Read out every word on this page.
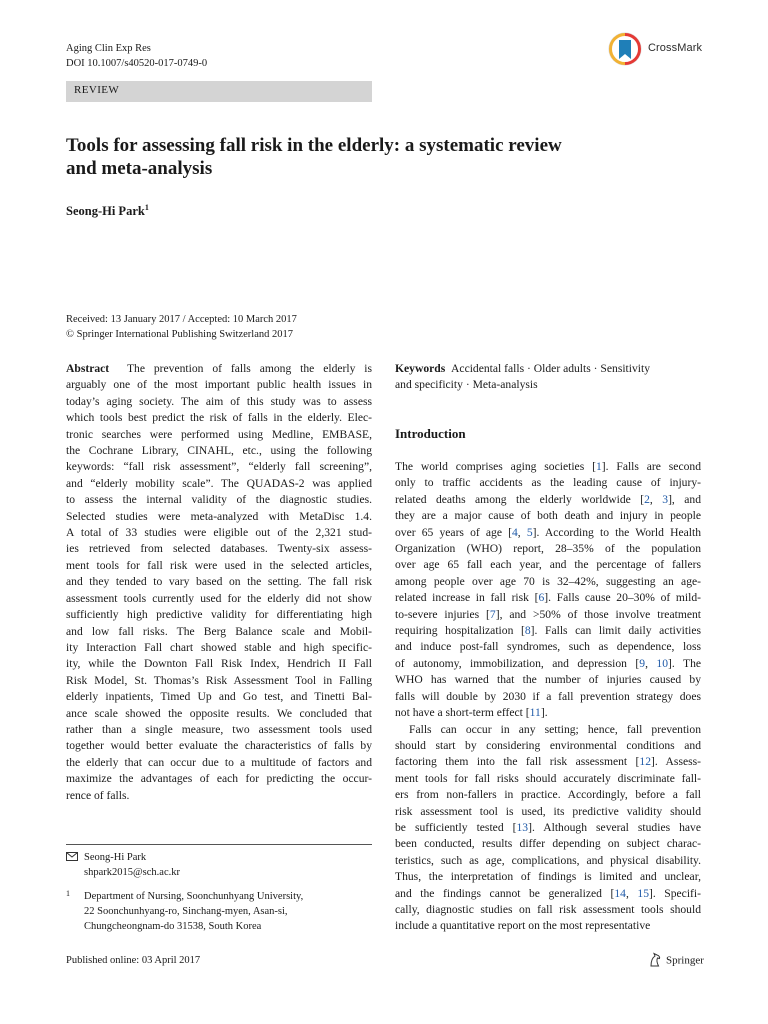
Aging Clin Exp Res
DOI 10.1007/s40520-017-0749-0
CrossMark
REVIEW
Tools for assessing fall risk in the elderly: a systematic review
and meta-analysis
Seong-Hi Park$^1$
Received: 13 January 2017 / Accepted: 10 March 2017
© Springer International Publishing Switzerland 2017
Abstract The prevention of falls among the elderly is
arguably one of the most important public health issues in
today’s aging society. The aim of this study was to assess
which tools best predict the risk of falls in the elderly. Elec-
tronic searches were performed using Medline, EMBASE,
the Cochrane Library, CINAHL, etc., using the following
keywords: “fall risk assessment”, “elderly fall screening”,
and “elderly mobility scale”. The QUADAS-2 was applied
to assess the internal validity of the diagnostic studies.
Selected studies were meta-analyzed with MetaDisc 1.4.
A total of 33 studies were eligible out of the 2,321 stud-
ies retrieved from selected databases. Twenty-six assess-
ment tools for fall risk were used in the selected articles,
and they tended to vary based on the setting. The fall risk
assessment tools currently used for the elderly did not show
sufficiently high predictive validity for differentiating high
and low fall risks. The Berg Balance scale and Mobil-
ity Interaction Fall chart showed stable and high specific-
ity, while the Downton Fall Risk Index, Hendrich II Fall
Risk Model, St. Thomas’s Risk Assessment Tool in Falling
elderly inpatients, Timed Up and Go test, and Tinetti Bal-
ance scale showed the opposite results. We concluded that
rather than a single measure, two assessment tools used
together would better evaluate the characteristics of falls by
the elderly that can occur due to a multitude of factors and
maximize the advantages of each for predicting the occur-
rence of falls.
Keywords Accidental falls · Older adults · Sensitivity
and specificity · Meta-analysis
Introduction
The world comprises aging societies [1]. Falls are second
only to traffic accidents as the leading cause of injury-
related deaths among the elderly worldwide [2, 3], and
they are a major cause of both death and injury in people
over 65 years of age [4, 5]. According to the World Health
Organization (WHO) report, 28–35% of the population
over age 65 fall each year, and the percentage of fallers
among people over age 70 is 32–42%, suggesting an age-
related increase in fall risk [6]. Falls cause 20–30% of mild-
to-severe injuries [7], and >50% of those involve treatment
requiring hospitalization [8]. Falls can limit daily activities
and induce post-fall syndromes, such as dependence, loss
of autonomy, immobilization, and depression [9, 10]. The
WHO has warned that the number of injuries caused by
falls will double by 2030 if a fall prevention strategy does
not have a short-term effect [11].
Falls can occur in any setting; hence, fall prevention
should start by considering environmental conditions and
factoring them into the fall risk assessment [12]. Assess-
ment tools for fall risks should accurately discriminate fall-
ers from non-fallers in practice. Accordingly, before a fall
risk assessment tool is used, its predictive validity should
be sufficiently tested [13]. Although several studies have
been conducted, results differ depending on subject charac-
teristics, such as age, complications, and physical disability.
Thus, the interpretation of findings is limited and unclear,
and the findings cannot be generalized [14, 15]. Specifi-
cally, diagnostic studies on fall risk assessment tools should
include a quantitative report on the most representative
Seong-Hi Park
shpark2015@sch.ac.kr
1 Department of Nursing, Soonchunhyang University,
22 Soonchunhyang-ro, Sinchang-myen, Asan-si,
Chungcheongnam-do 31538, South Korea
Published online: 03 April 2017	Springer
